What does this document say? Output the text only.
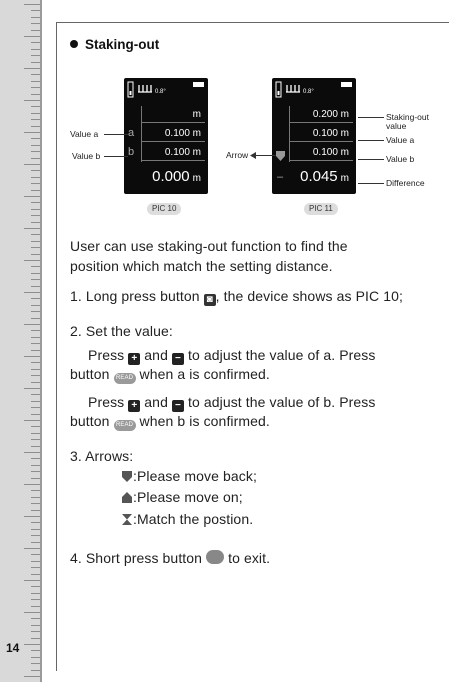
14
Staking-out
0.8°
m
0.100 m
0.100 m
a
b
0.000 m
PIC 10
Value a
Value b
0.8°
0.200 m
0.100 m
0.100 m
–	0.045 m
PIC 11
Arrow
Staking-out
value
Value a
Value b
Difference
User can use staking-out function to find the
position which match the setting distance.
1. Long press button ◙ , the device shows as PIC 10;
2. Set the value:
Press + and − to adjust the value of a. Press
button READ when a is confirmed.
Press + and − to adjust the value of b. Press
button READ when b is confirmed.
3. Arrows:
:Please move back;
:Please move on;
:Match the postion.
4. Short press button to exit.
